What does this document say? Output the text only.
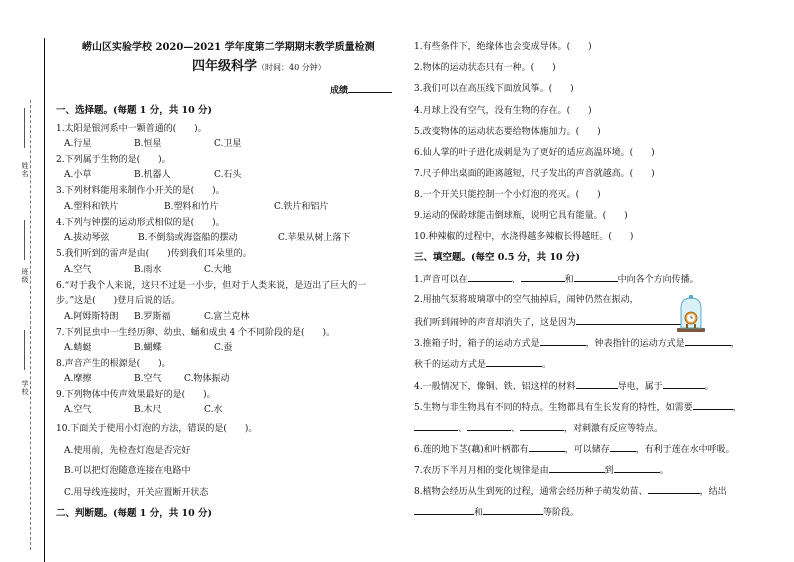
姓名
班级
学校
崂山区实验学校 2020—2021 学年度第二学期期末教学质量检测
四年级科学（时间：40 分钟）
成绩
一、选择题。(每题 1 分，共 10 分)
1.太阳是银河系中一颗普通的(　　)。
A.行星	B.恒星	C.卫星
2.下列属于生物的是(　　)。
A.小草	B.机器人	C.石头
3.下列材料能用来制作小开关的是(　　)。
A.塑料和铁片	B.塑料和竹片	C.铁片和铝片
4.下列与钟摆的运动形式相似的是(　　)。
A.拔动琴弦	B.不倒翁或海盗船的摆动	C.苹果从树上落下
5.我们听到的雷声是由(　　)传到我们耳朵里的。
A.空气	B.雨水	C.大地
6.“对于我个人来说，这只不过是一小步，但对于人类来说，是迈出了巨大的一
步。”这是(　　)登月后说的话。
A.阿姆斯特朗 B.罗斯福	C.富兰克林
7.下列昆虫中一生经历卵、幼虫、蛹和成虫 4 个不同阶段的是(　　)。
A.蜻蜓	B.蝴蝶	C.蚕
8.声音产生的根源是(　　)。
A.摩擦	B.空气	C.物体振动
9.下列物体中传声效果最好的是(　　)。
A.空气	B.木尺	C.水
10.下面关于使用小灯泡的方法，错误的是(　　)。
A.使用前，先检查灯泡是否完好
B.可以把灯泡随意连接在电路中
C.用导线连接时，开关应置断开状态
二、判断题。(每题 1 分，共 10 分)
1.有些条件下，绝缘体也会变成导体。(　　)
2.物体的运动状态只有一种。(　　)
3.我们可以在高压线下面放风筝。(　　)
4.月球上没有空气，没有生物的存在。(　　)
5.改变物体的运动状态要给物体施加力。(　　)
6.仙人掌的叶子进化成刺是为了更好的适应高温环境。(　　)
7.尺子伸出桌面的距离越短，尺子发出的声音就越高。(　　)
8.一个开关只能控制一个小灯泡的亮灭。(　　)
9.运动的保龄球能击倒球瓶，说明它具有能量。(　　)
10.种辣椒的过程中，水浇得越多辣椒长得越旺。(　　)
三、填空题。(每空 0.5 分，共 10 分)
1.声音可以在	、	和	中向各个方向传播。
2.用抽气泵将玻璃罩中的空气抽掉后，闹钟仍然在振动，
我们听到闹钟的声音却消失了，这是因为
3.推箱子时，箱子的运动方式是	，钟表指针的运动方式是	，
秋千的运动方式是	。
4.一般情况下，像铜、铁、铝这样的材料	导电，属于	。
5.生物与非生物具有不同的特点。生物都具有生长发育的特性，如需要	，
、	、	，对刺激有反应等特点。
6.莲的地下茎(藕)和叶柄都有	，可以储存	，有利于莲在水中呼吸。
7.农历下半月月相的变化规律是由	到	。
8.植物会经历从生到死的过程，通常会经历种子萌发幼苗、	，结出
和	等阶段。
